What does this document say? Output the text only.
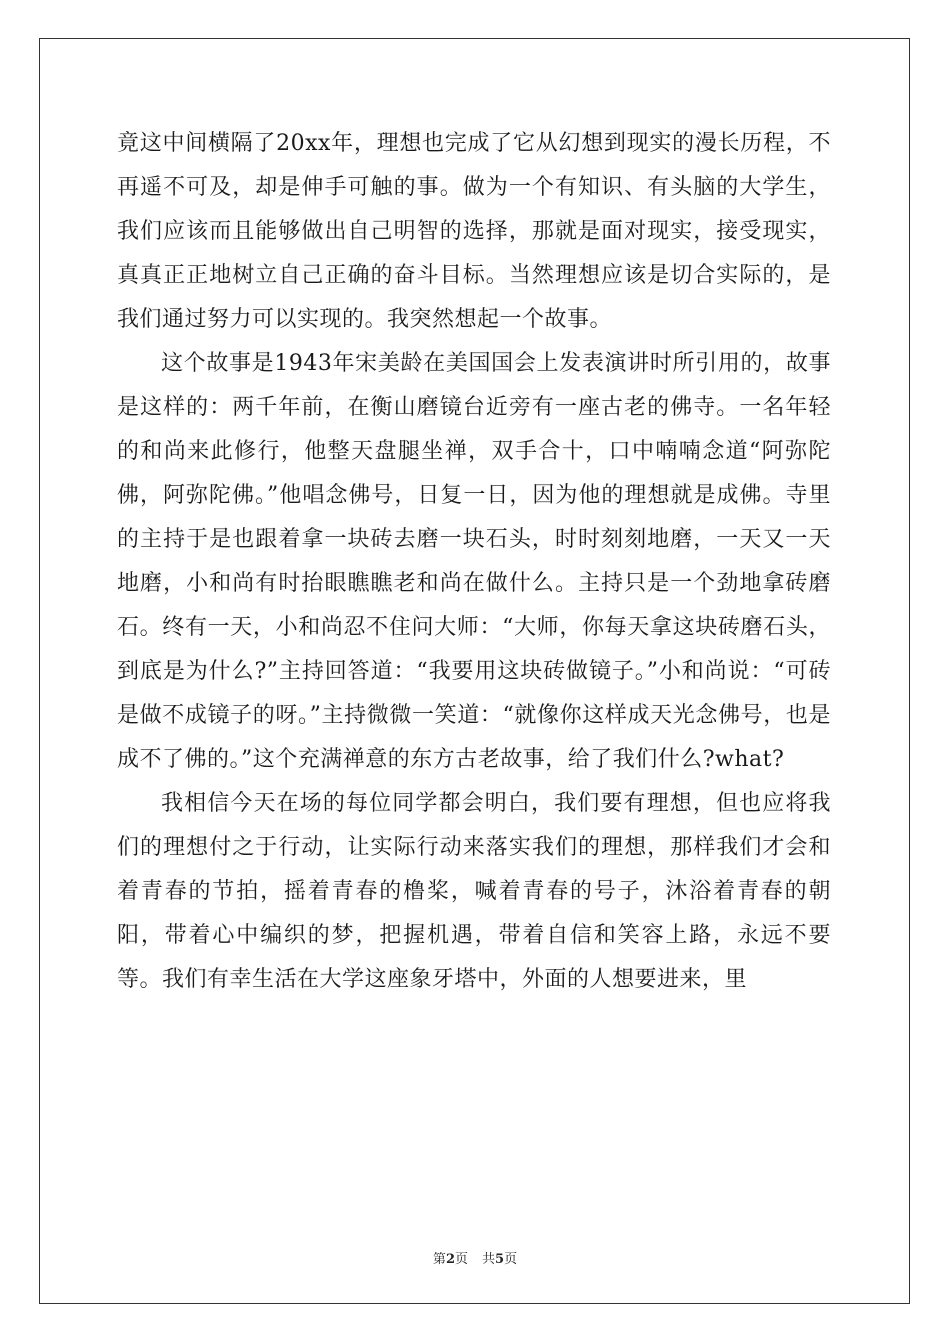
竟这中间横隔了20xx年，理想也完成了它从幻想到现实的漫长历程，不再遥不可及，却是伸手可触的事。做为一个有知识、有头脑的大学生，我们应该而且能够做出自己明智的选择，那就是面对现实，接受现实，真真正正地树立自己正确的奋斗目标。当然理想应该是切合实际的，是我们通过努力可以实现的。我突然想起一个故事。

这个故事是1943年宋美龄在美国国会上发表演讲时所引用的，故事是这样的：两千年前，在衡山磨镜台近旁有一座古老的佛寺。一名年轻的和尚来此修行，他整天盘腿坐禅，双手合十，口中喃喃念道“阿弥陀佛，阿弥陀佛。”他唱念佛号，日复一日，因为他的理想就是成佛。寺里的主持于是也跟着拿一块砖去磨一块石头，时时刻刻地磨，一天又一天地磨，小和尚有时抬眼瞧瞧老和尚在做什么。主持只是一个劲地拿砖磨石。终有一天，小和尚忍不住问大师：“大师，你每天拿这块砖磨石头，到底是为什么?”主持回答道：“我要用这块砖做镜子。”小和尚说：“可砖是做不成镜子的呀。”主持微微一笑道：“就像你这样成天光念佛号，也是成不了佛的。”这个充满禅意的东方古老故事，给了我们什么?what?

我相信今天在场的每位同学都会明白，我们要有理想，但也应将我们的理想付之于行动，让实际行动来落实我们的理想，那样我们才会和着青春的节拍，摇着青春的橹桨，喊着青春的号子，沐浴着青春的朝阳，带着心中编织的梦，把握机遇，带着自信和笑容上路，永远不要等。我们有幸生活在大学这座象牙塔中，外面的人想要进来，里

第2页 共5页
